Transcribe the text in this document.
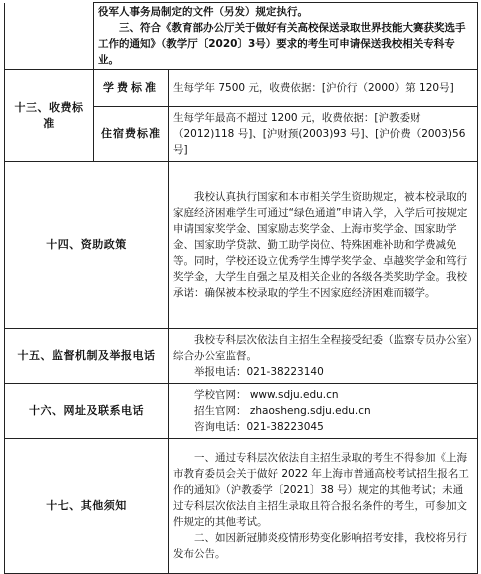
	役军人事务局制定的文件（另发）规定执行。

三、符合《教育部办公厅关于做好有关高校保送录取世界技能大赛获奖选手工作的通知》（教学厅〔2020〕3号）要求的考生可申请保送我校相关专科专业。	

十三、收费标准	学费标准	生每学年 7500 元，收费依据：[沪价行（2000）第 120号]

	住宿费标准	生每学年最高不超过 1200 元，收费依据：[沪教委财（2012)118 号]、[沪财预(2003)93 号]、[沪价费（2003)56 号]

十四、资助政策		我校认真执行国家和本市相关学生资助规定，被本校录取的家庭经济困难学生可通过“绿色通道”申请入学，入学后可按规定申请国家奖学金、国家励志奖学金、上海市奖学金、国家助学金、国家助学贷款、勤工助学岗位、特殊困难补助和学费减免等。同时，学校还设立优秀学生博学奖学金、卓越奖学金和笃行奖学金，大学生自强之星及相关企业的各级各类奖助学金。我校承诺：确保被本校录取的学生不因家庭经济困难而辍学。

十五、监督机制及举报电话		我校专科层次依法自主招生全程接受纪委（监察专员办公室）综合办公室监督。

举报电话：021-38223140

十六、网址及联系电话		学校官网： www.sdju.edu.cn

招生官网： zhaosheng.sdju.edu.cn

咨询电话：021-38223045

十七、其他须知		一、通过专科层次依法自主招生录取的考生不得参加《上海市教育委员会关于做好 2022 年上海市普通高校考试招生报名工作的通知》（沪教委学〔2021〕38 号）规定的其他考试；未通过专科层次依法自主招生录取且符合报名条件的考生，可参加文件规定的其他考试。

二、如因新冠肺炎疫情形势变化影响招考安排，我校将另行发布公告。
